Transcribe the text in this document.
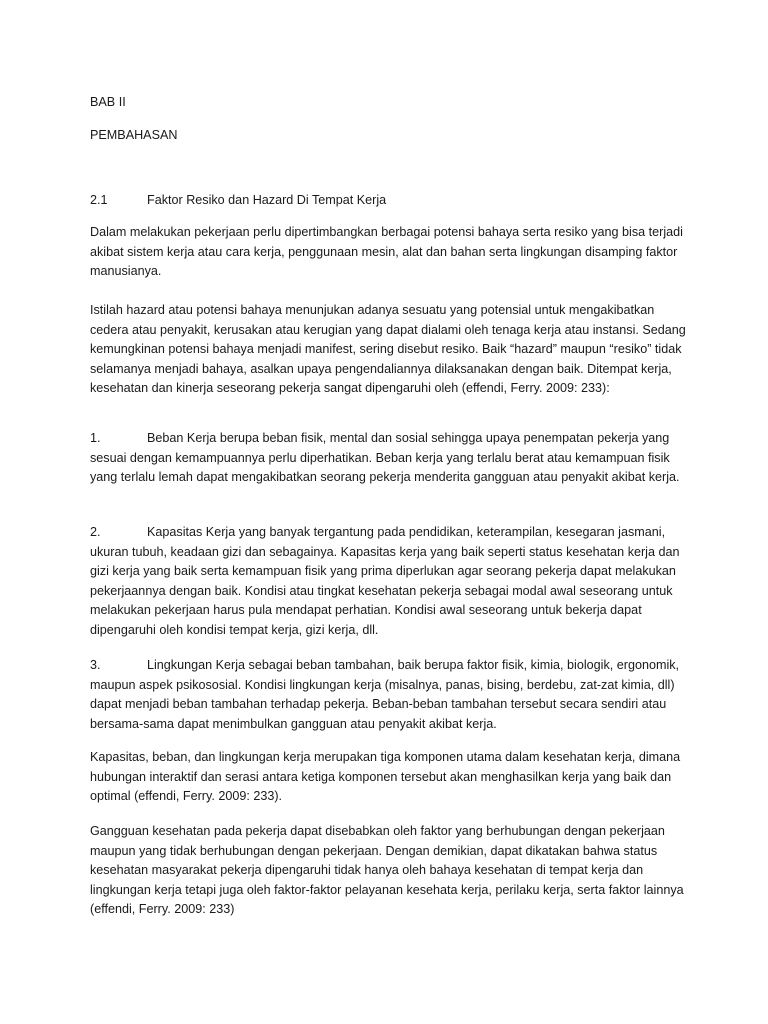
BAB II

PEMBAHASAN

2.1	Faktor Resiko dan Hazard Di Tempat Kerja

Dalam melakukan pekerjaan perlu dipertimbangkan berbagai potensi bahaya serta resiko yang bisa terjadi akibat sistem kerja atau cara kerja, penggunaan mesin, alat dan bahan serta lingkungan disamping faktor manusianya.

Istilah hazard atau potensi bahaya menunjukan adanya sesuatu yang potensial untuk mengakibatkan cedera atau penyakit, kerusakan atau kerugian yang dapat dialami oleh tenaga kerja atau instansi. Sedang kemungkinan potensi bahaya menjadi manifest, sering disebut resiko. Baik “hazard” maupun “resiko” tidak selamanya menjadi bahaya, asalkan upaya pengendaliannya dilaksanakan dengan baik. Ditempat kerja, kesehatan dan kinerja seseorang pekerja sangat dipengaruhi oleh (effendi, Ferry. 2009: 233):

1.	Beban Kerja berupa beban fisik, mental dan sosial sehingga upaya penempatan pekerja yang sesuai dengan kemampuannya perlu diperhatikan. Beban kerja yang terlalu berat atau kemampuan fisik yang terlalu lemah dapat mengakibatkan seorang pekerja menderita gangguan atau penyakit akibat kerja.

2.	Kapasitas Kerja yang banyak tergantung pada pendidikan, keterampilan, kesegaran jasmani, ukuran tubuh, keadaan gizi dan sebagainya. Kapasitas kerja yang baik seperti status kesehatan kerja dan gizi kerja yang baik serta kemampuan fisik yang prima diperlukan agar seorang pekerja dapat melakukan pekerjaannya dengan baik. Kondisi atau tingkat kesehatan pekerja sebagai modal awal seseorang untuk melakukan pekerjaan harus pula mendapat perhatian. Kondisi awal seseorang untuk bekerja dapat dipengaruhi oleh kondisi tempat kerja, gizi kerja, dll.

3.	Lingkungan Kerja sebagai beban tambahan, baik berupa faktor fisik, kimia, biologik, ergonomik, maupun aspek psikososial. Kondisi lingkungan kerja (misalnya, panas, bising, berdebu, zat-zat kimia, dll) dapat menjadi beban tambahan terhadap pekerja. Beban-beban tambahan tersebut secara sendiri atau bersama-sama dapat menimbulkan gangguan atau penyakit akibat kerja.

Kapasitas, beban, dan lingkungan kerja merupakan tiga komponen utama dalam kesehatan kerja, dimana hubungan interaktif dan serasi antara ketiga komponen tersebut akan menghasilkan kerja yang baik dan optimal (effendi, Ferry. 2009: 233).

Gangguan kesehatan pada pekerja dapat disebabkan oleh faktor yang berhubungan dengan pekerjaan maupun yang tidak berhubungan dengan pekerjaan. Dengan demikian, dapat dikatakan bahwa status kesehatan masyarakat pekerja dipengaruhi tidak hanya oleh bahaya kesehatan di tempat kerja dan lingkungan kerja tetapi juga oleh faktor-faktor pelayanan kesehata kerja, perilaku kerja, serta faktor lainnya (effendi, Ferry. 2009: 233)
